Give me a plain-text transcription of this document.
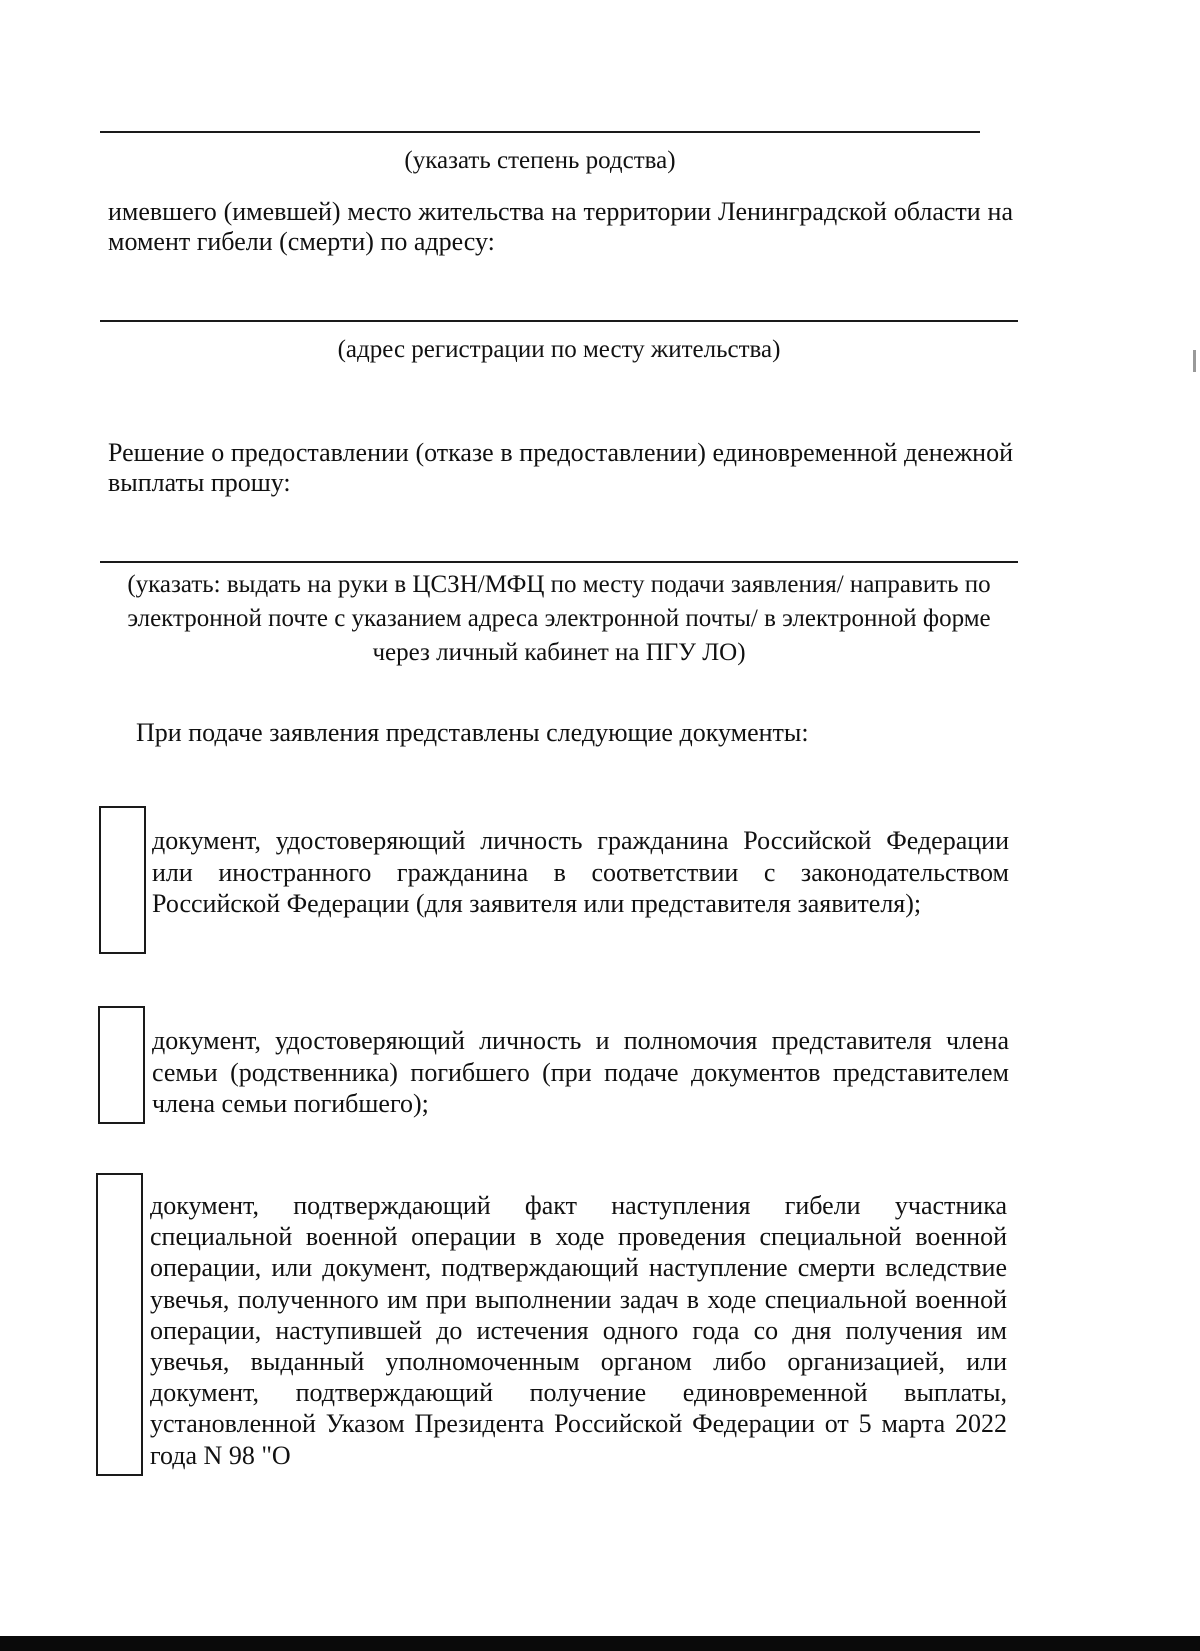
(указать степень родства)
имевшего (имевшей) место жительства на территории Ленинградской области на момент гибели (смерти) по адресу:
(адрес регистрации по месту жительства)
Решение о предоставлении (отказе в предоставлении) единовременной денежной выплаты прошу:
(указать: выдать на руки в ЦСЗН/МФЦ по месту подачи заявления/ направить по электронной почте с указанием адреса электронной почты/ в электронной форме через личный кабинет на ПГУ ЛО)
При подаче заявления представлены следующие документы:
документ, удостоверяющий личность гражданина Российской Федерации или иностранного гражданина в соответствии с законодательством Российской Федерации (для заявителя или представителя заявителя);
документ, удостоверяющий личность и полномочия представителя члена семьи (родственника) погибшего (при подаче документов представителем члена семьи погибшего);
документ, подтверждающий факт наступления гибели участника специальной военной операции в ходе проведения специальной военной операции, или документ, подтверждающий наступление смерти вследствие увечья, полученного им при выполнении задач в ходе специальной военной операции, наступившей до истечения одного года со дня получения им увечья, выданный уполномоченным органом либо организацией, или документ, подтверждающий получение единовременной выплаты, установленной Указом Президента Российской Федерации от 5 марта 2022 года N 98 "О
